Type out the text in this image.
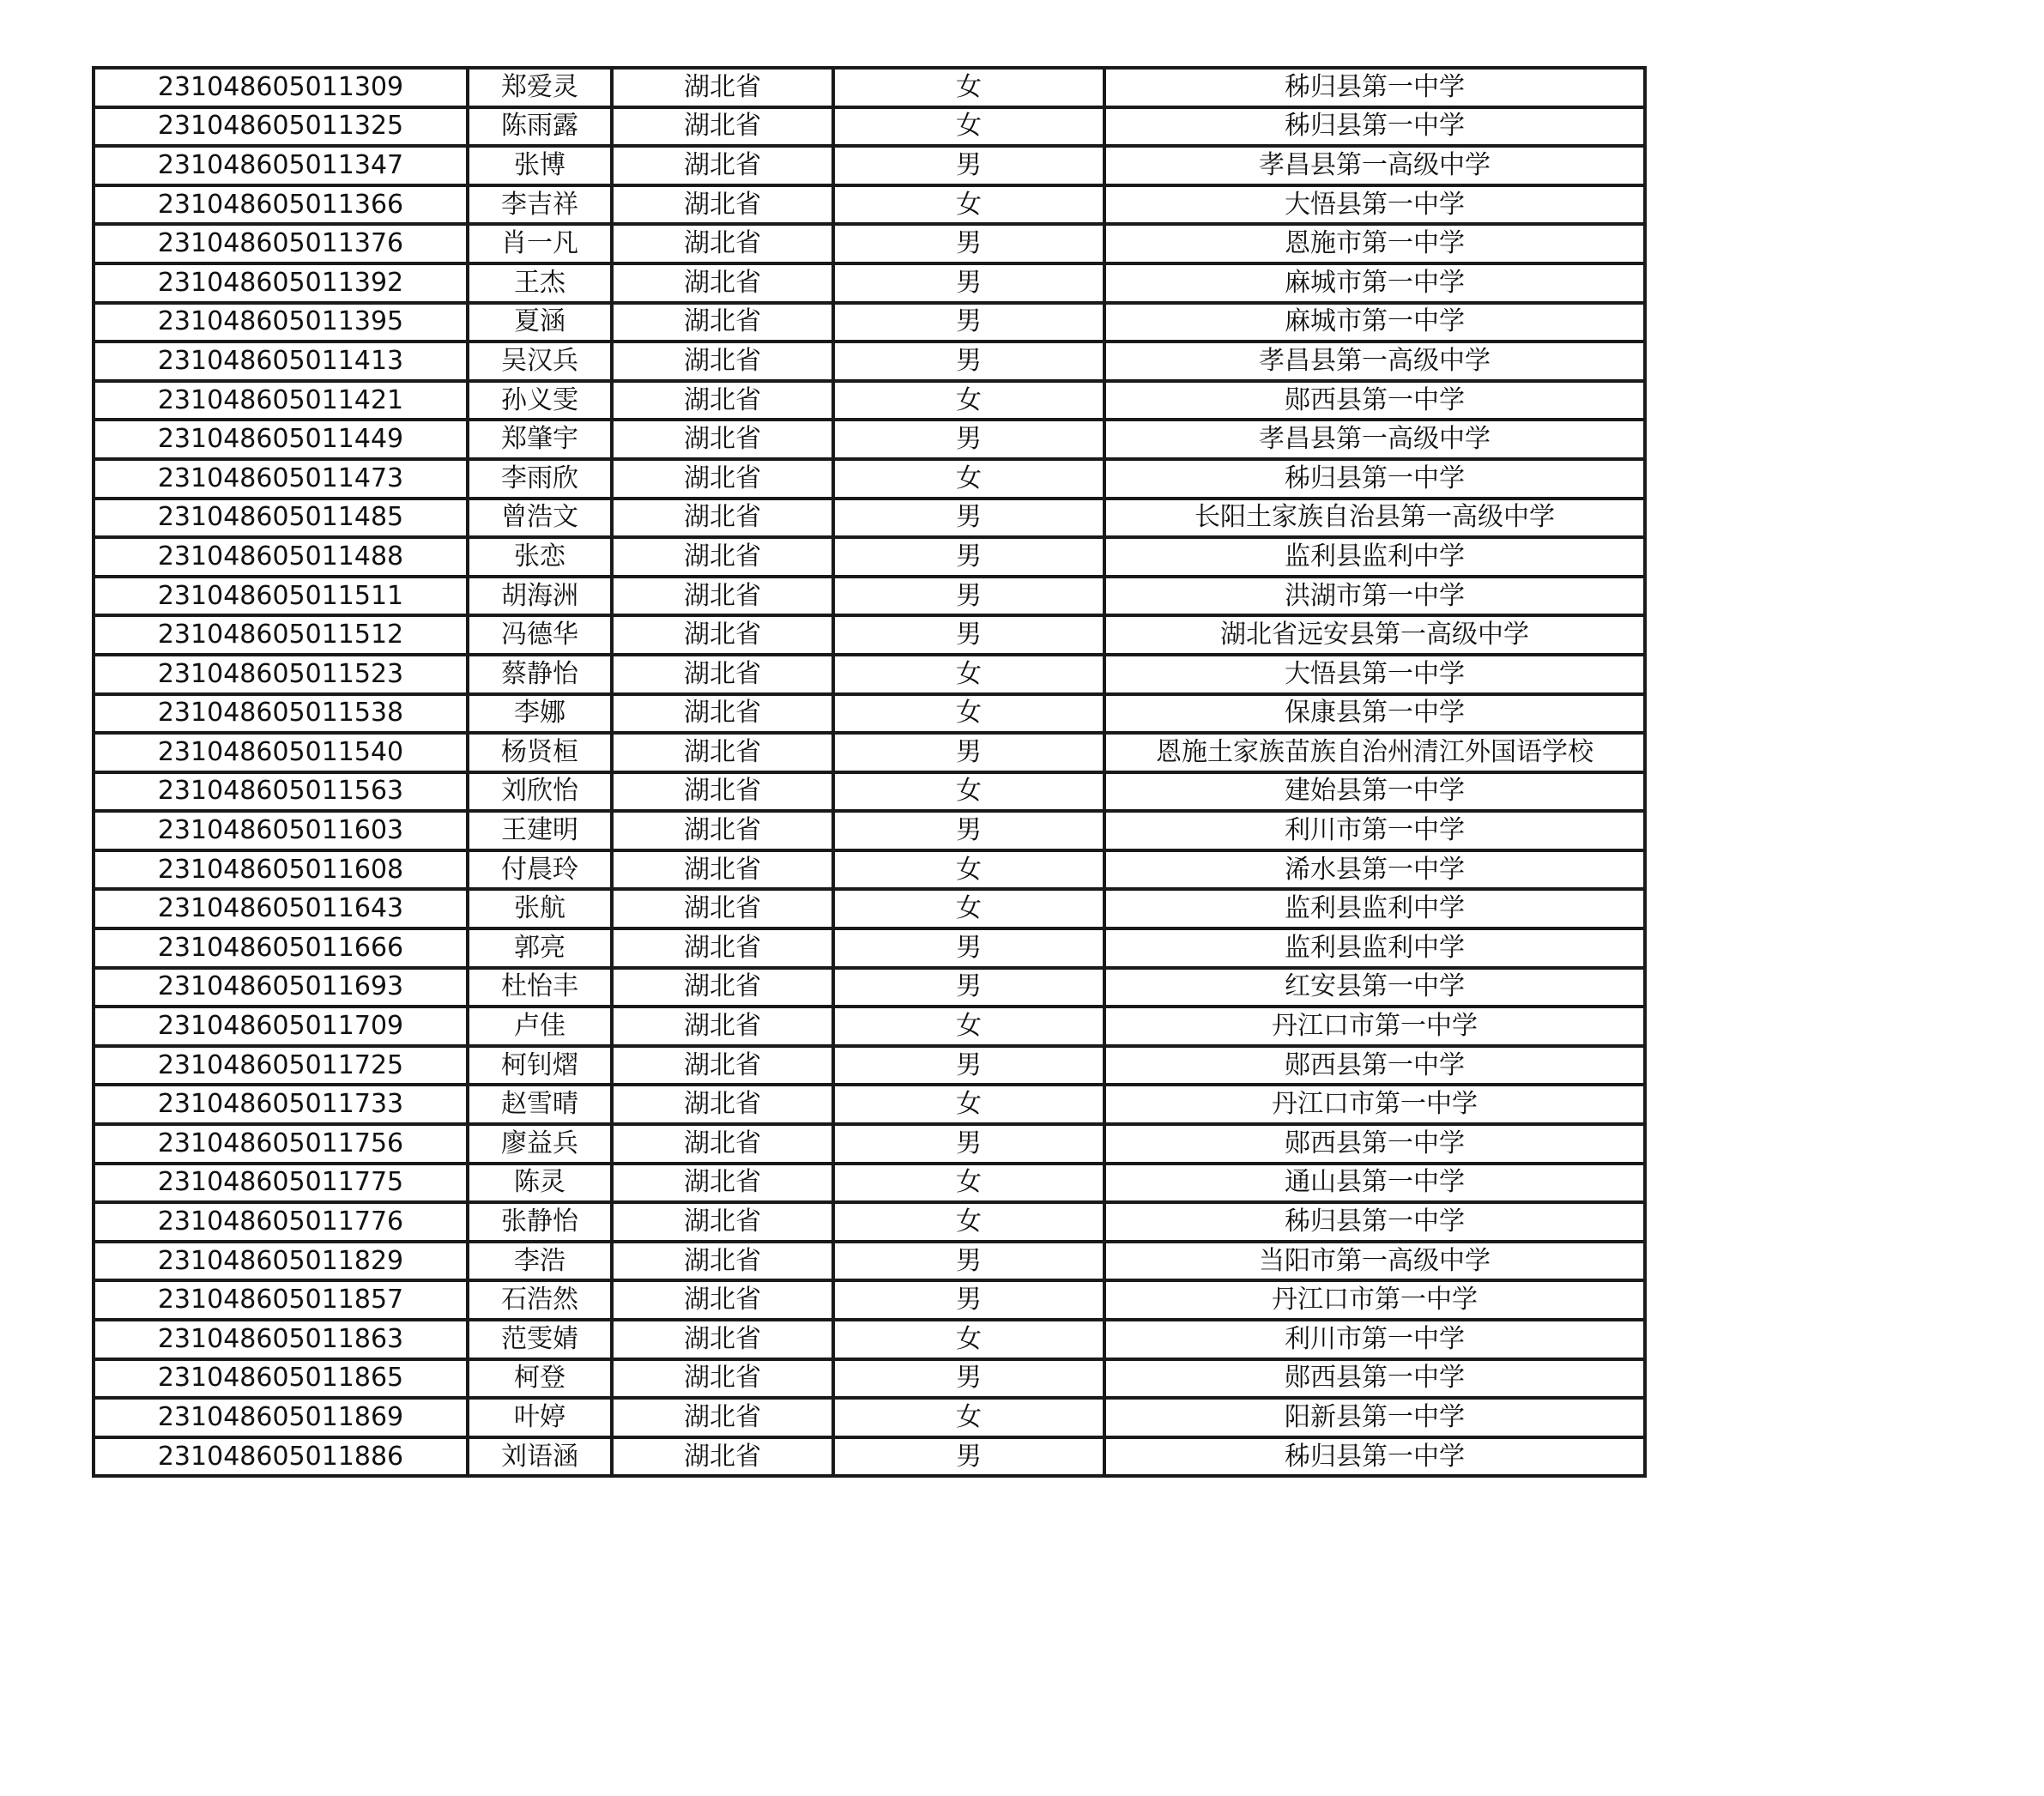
231048605011309	郑爱灵	湖北省	女	秭归县第一中学
231048605011325	陈雨露	湖北省	女	秭归县第一中学
231048605011347	张博	湖北省	男	孝昌县第一高级中学
231048605011366	李吉祥	湖北省	女	大悟县第一中学
231048605011376	肖一凡	湖北省	男	恩施市第一中学
231048605011392	王杰	湖北省	男	麻城市第一中学
231048605011395	夏涵	湖北省	男	麻城市第一中学
231048605011413	吴汉兵	湖北省	男	孝昌县第一高级中学
231048605011421	孙义雯	湖北省	女	郧西县第一中学
231048605011449	郑肇宇	湖北省	男	孝昌县第一高级中学
231048605011473	李雨欣	湖北省	女	秭归县第一中学
231048605011485	曾浩文	湖北省	男	长阳土家族自治县第一高级中学
231048605011488	张恋	湖北省	男	监利县监利中学
231048605011511	胡海洲	湖北省	男	洪湖市第一中学
231048605011512	冯德华	湖北省	男	湖北省远安县第一高级中学
231048605011523	蔡静怡	湖北省	女	大悟县第一中学
231048605011538	李娜	湖北省	女	保康县第一中学
231048605011540	杨贤桓	湖北省	男	恩施土家族苗族自治州清江外国语学校
231048605011563	刘欣怡	湖北省	女	建始县第一中学
231048605011603	王建明	湖北省	男	利川市第一中学
231048605011608	付晨玲	湖北省	女	浠水县第一中学
231048605011643	张航	湖北省	女	监利县监利中学
231048605011666	郭亮	湖北省	男	监利县监利中学
231048605011693	杜怡丰	湖北省	男	红安县第一中学
231048605011709	卢佳	湖北省	女	丹江口市第一中学
231048605011725	柯钊熠	湖北省	男	郧西县第一中学
231048605011733	赵雪晴	湖北省	女	丹江口市第一中学
231048605011756	廖益兵	湖北省	男	郧西县第一中学
231048605011775	陈灵	湖北省	女	通山县第一中学
231048605011776	张静怡	湖北省	女	秭归县第一中学
231048605011829	李浩	湖北省	男	当阳市第一高级中学
231048605011857	石浩然	湖北省	男	丹江口市第一中学
231048605011863	范雯婧	湖北省	女	利川市第一中学
231048605011865	柯登	湖北省	男	郧西县第一中学
231048605011869	叶婷	湖北省	女	阳新县第一中学
231048605011886	刘语涵	湖北省	男	秭归县第一中学
